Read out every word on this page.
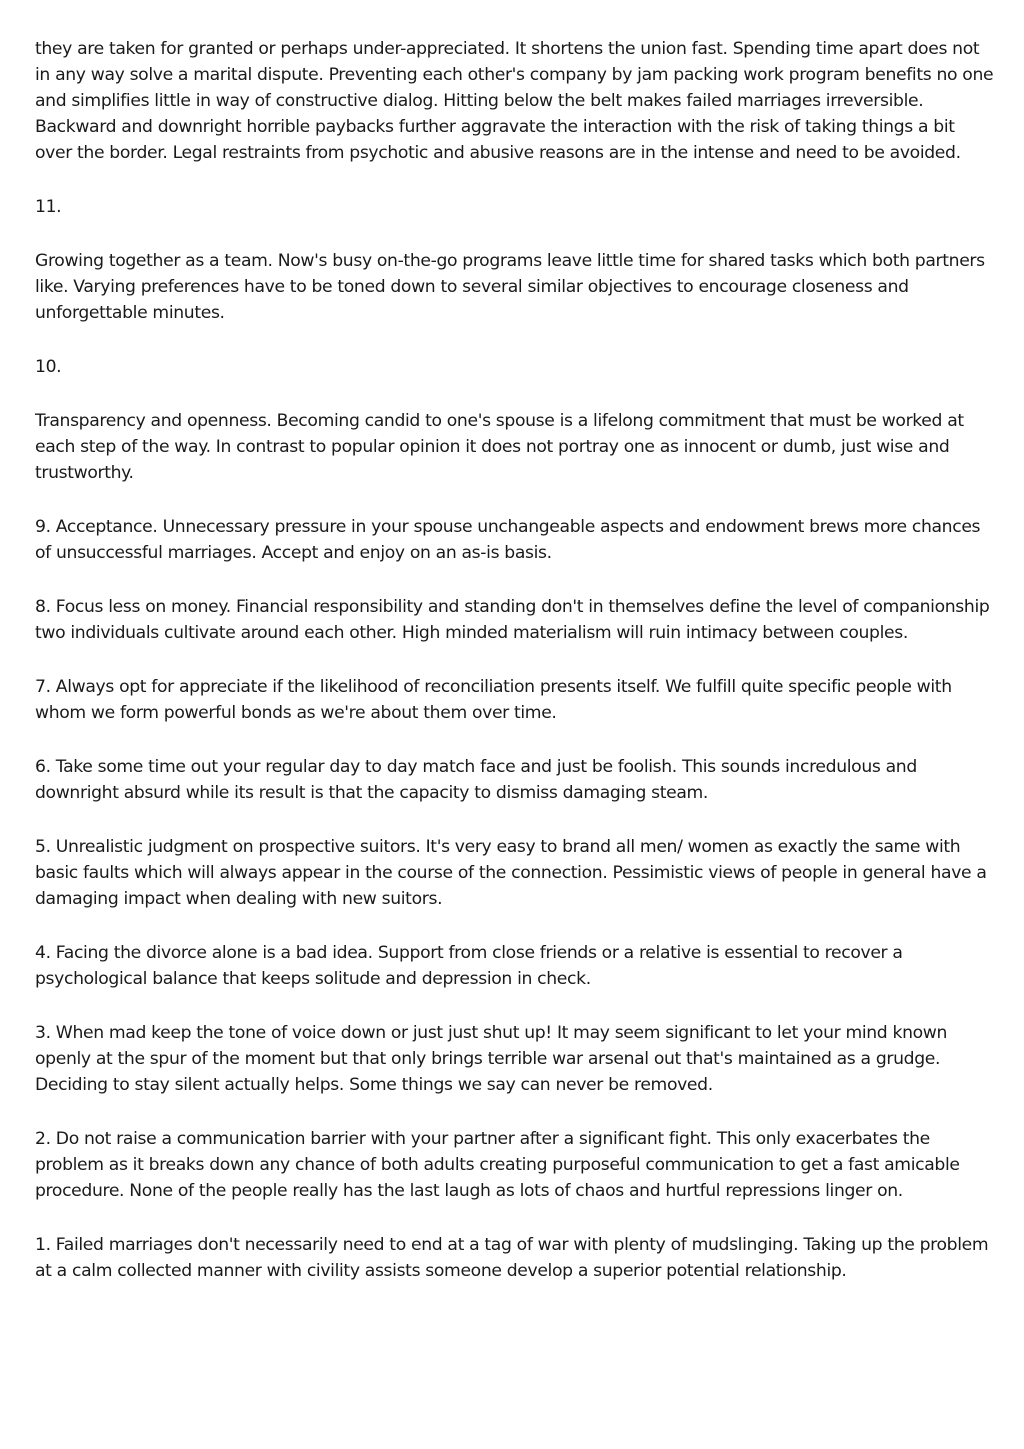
they are taken for granted or perhaps under-appreciated. It shortens the union fast. Spending time apart does not in any way solve a marital dispute. Preventing each other's company by jam packing work program benefits no one and simplifies little in way of constructive dialog. Hitting below the belt makes failed marriages irreversible. Backward and downright horrible paybacks further aggravate the interaction with the risk of taking things a bit over the border. Legal restraints from psychotic and abusive reasons are in the intense and need to be avoided.

11.

Growing together as a team. Now's busy on-the-go programs leave little time for shared tasks which both partners like. Varying preferences have to be toned down to several similar objectives to encourage closeness and unforgettable minutes.

10.

Transparency and openness. Becoming candid to one's spouse is a lifelong commitment that must be worked at each step of the way. In contrast to popular opinion it does not portray one as innocent or dumb, just wise and trustworthy.

9. Acceptance. Unnecessary pressure in your spouse unchangeable aspects and endowment brews more chances of unsuccessful marriages. Accept and enjoy on an as-is basis.

8. Focus less on money. Financial responsibility and standing don't in themselves define the level of companionship two individuals cultivate around each other. High minded materialism will ruin intimacy between couples.

7. Always opt for appreciate if the likelihood of reconciliation presents itself. We fulfill quite specific people with whom we form powerful bonds as we're about them over time.

6. Take some time out your regular day to day match face and just be foolish. This sounds incredulous and downright absurd while its result is that the capacity to dismiss damaging steam.

5. Unrealistic judgment on prospective suitors. It's very easy to brand all men/ women as exactly the same with basic faults which will always appear in the course of the connection. Pessimistic views of people in general have a damaging impact when dealing with new suitors.

4. Facing the divorce alone is a bad idea. Support from close friends or a relative is essential to recover a psychological balance that keeps solitude and depression in check.

3. When mad keep the tone of voice down or just just shut up! It may seem significant to let your mind known openly at the spur of the moment but that only brings terrible war arsenal out that's maintained as a grudge. Deciding to stay silent actually helps. Some things we say can never be removed.

2. Do not raise a communication barrier with your partner after a significant fight. This only exacerbates the problem as it breaks down any chance of both adults creating purposeful communication to get a fast amicable procedure. None of the people really has the last laugh as lots of chaos and hurtful repressions linger on.

1. Failed marriages don't necessarily need to end at a tag of war with plenty of mudslinging. Taking up the problem at a calm collected manner with civility assists someone develop a superior potential relationship.
